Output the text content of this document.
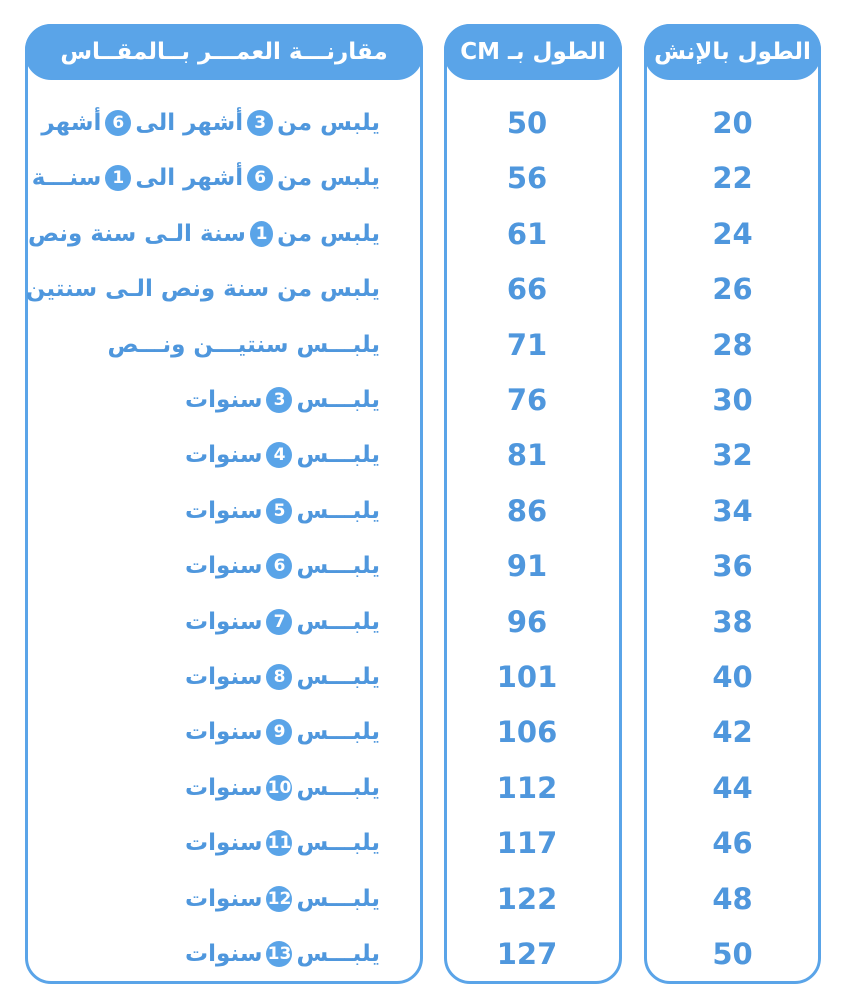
مقارنـــة العمـــر بــالمقــاس
يلبس من
3
أشهر الى
6
أشهر
يلبس من
6
أشهر الى
1
سنـــة
يلبس من
1
سنة الـى سنة ونص
يلبس من سنة ونص الـى سنتين
يلبـــس سنتيـــن ونـــص
يلبـــس
3
سنوات
يلبـــس
4
سنوات
يلبـــس
5
سنوات
يلبـــس
6
سنوات
يلبـــس
7
سنوات
يلبـــس
8
سنوات
يلبـــس
9
سنوات
يلبـــس
10
سنوات
يلبـــس
11
سنوات
يلبـــس
12
سنوات
يلبـــس
13
سنوات
الطول بـ CM
50
56
61
66
71
76
81
86
91
96
101
106
112
117
122
127
الطول بالإنش
20
22
24
26
28
30
32
34
36
38
40
42
44
46
48
50
